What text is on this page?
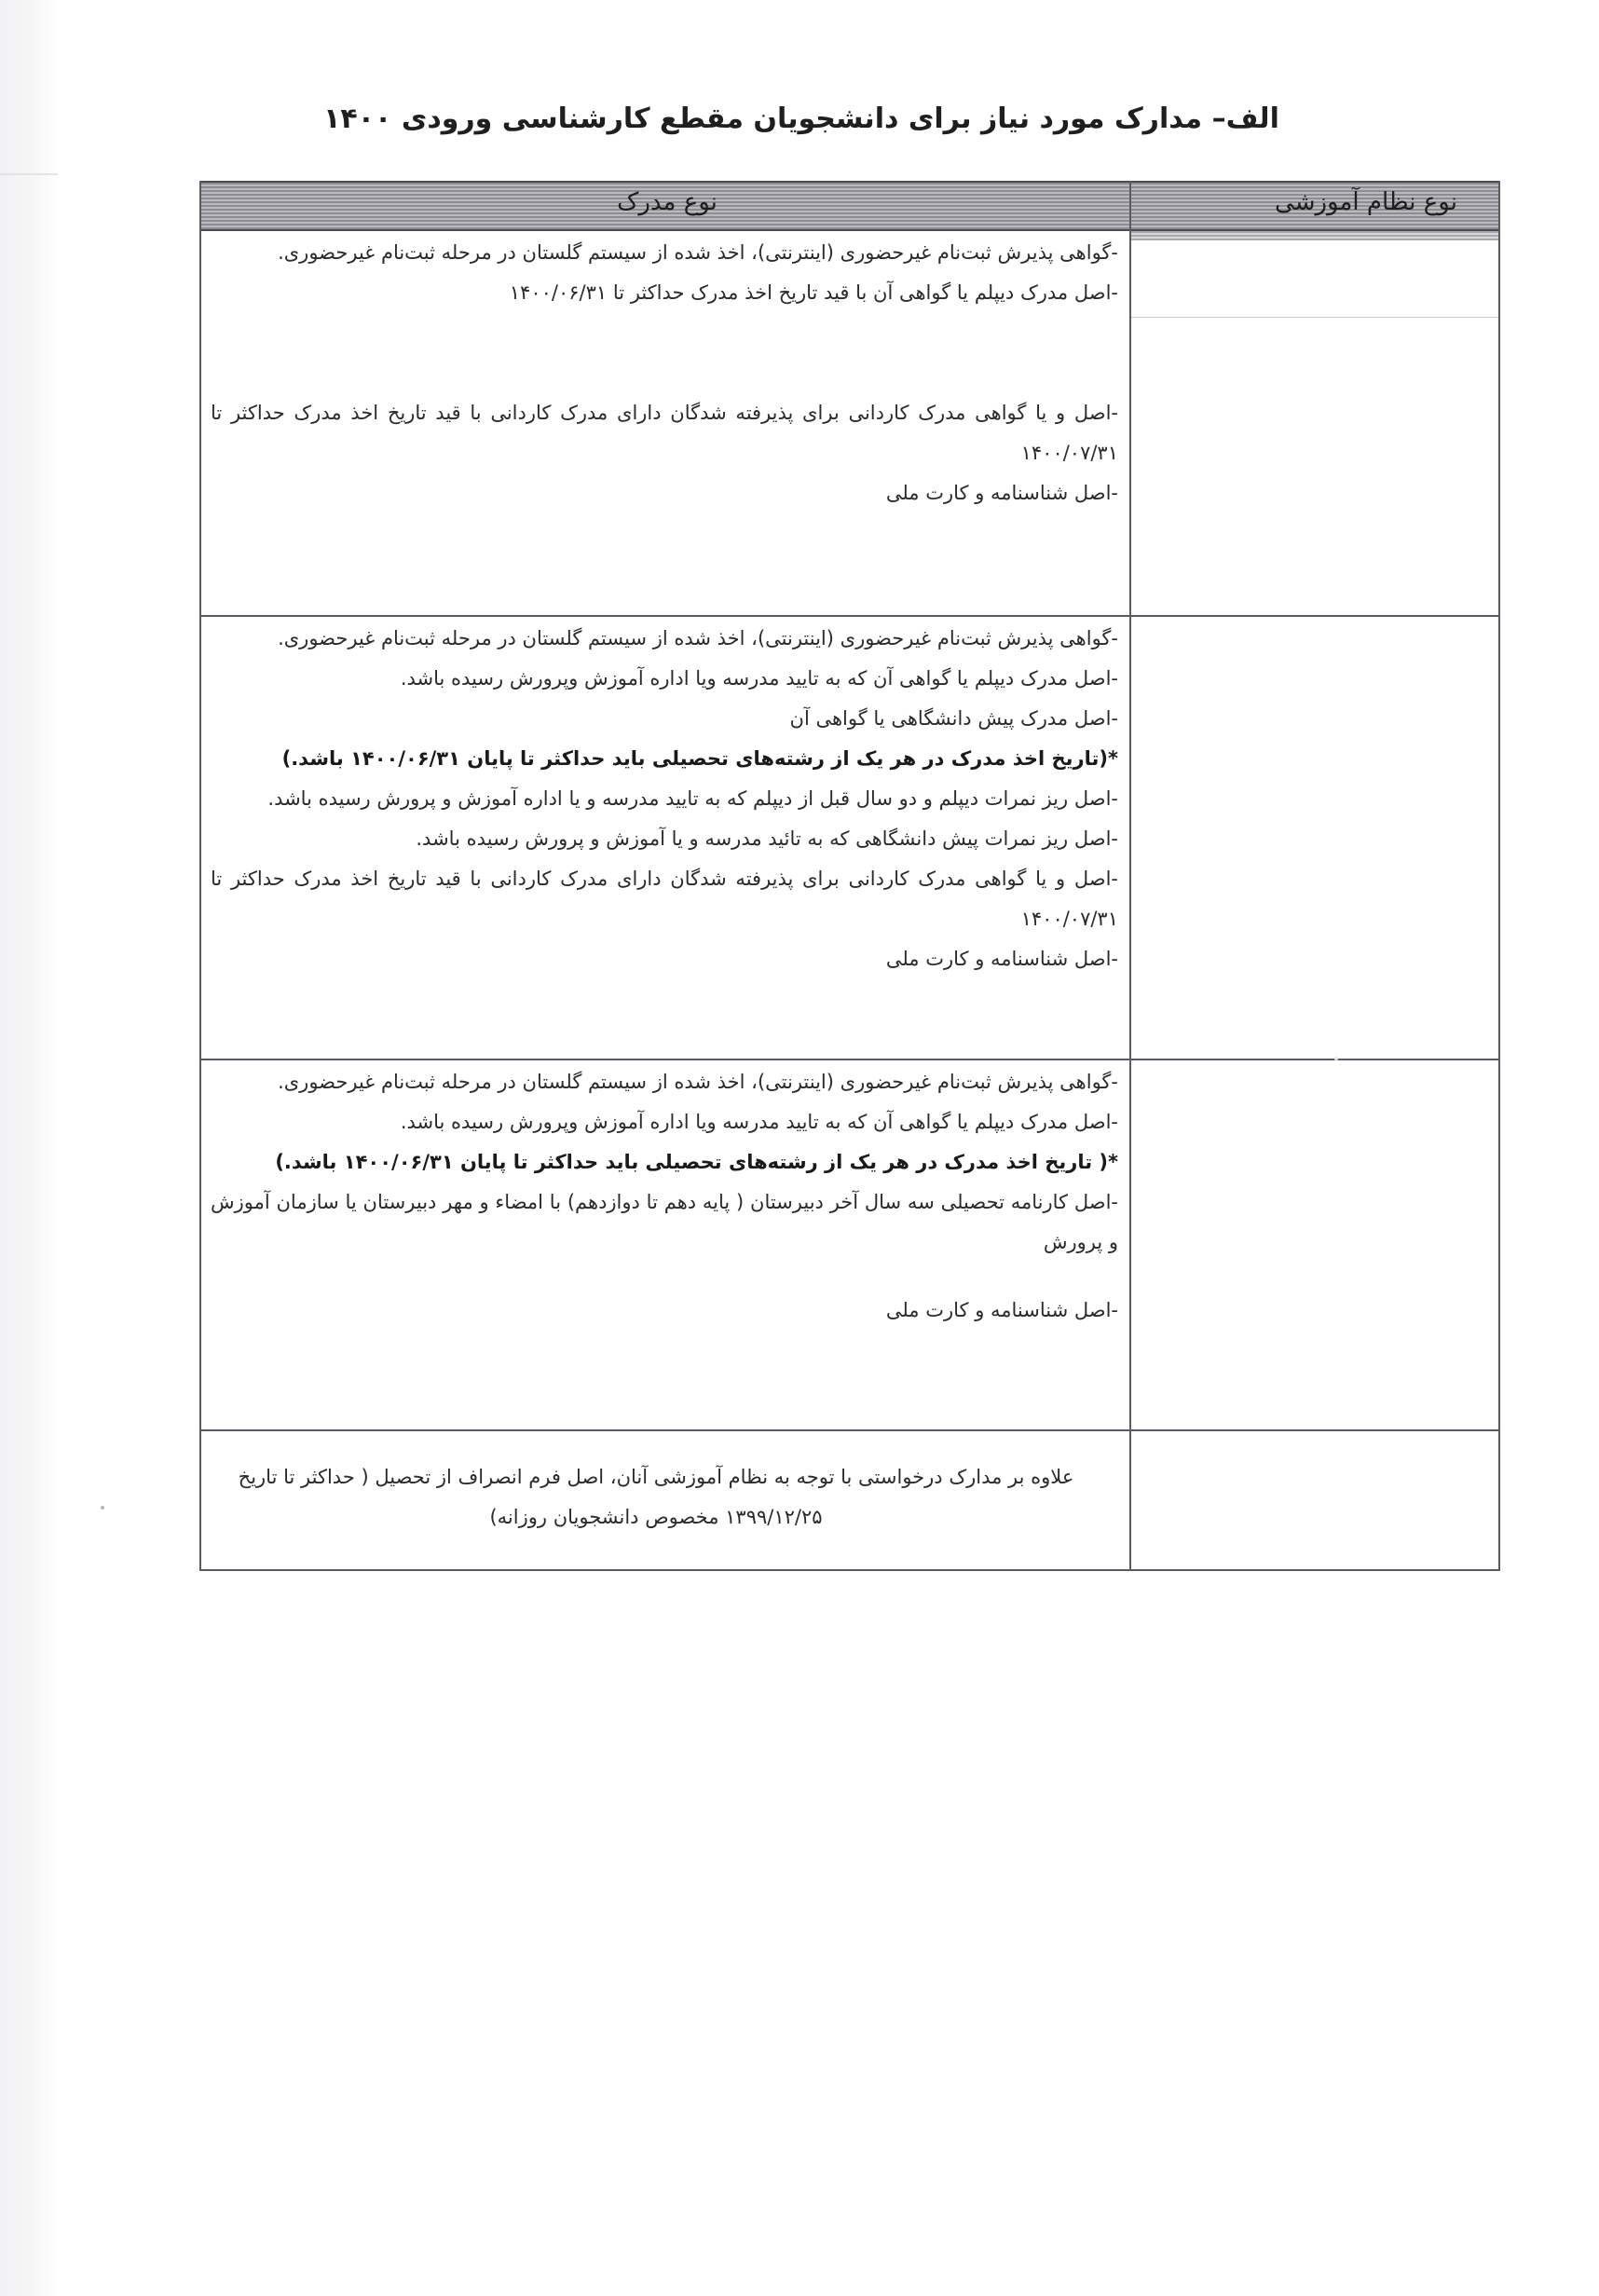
الف– مدارک مورد نیاز برای دانشجویان مقطع کارشناسی ورودی ۱۴۰۰
نوع نظام آموزشی
نوع مدرک

-گواهی پذیرش ثبت‌نام غیرحضوری (اینترنتی)، اخذ شده از سیستم گلستان در مرحله ثبت‌نام غیرحضوری.

-اصل مدرک دیپلم یا گواهی آن با قید تاریخ اخذ مدرک حداکثر تا ۱۴۰۰/۰۶/۳۱

-اصل و یا گواهی مدرک کاردانی برای پذیرفته شدگان دارای مدرک کاردانی با قید تاریخ اخذ مدرک حداکثر تا ۱۴۰۰/۰۷/۳۱

-اصل شناسنامه و کارت ملی

-گواهی پذیرش ثبت‌نام غیرحضوری (اینترنتی)، اخذ شده از سیستم گلستان در مرحله ثبت‌نام غیرحضوری.

-اصل مدرک دیپلم یا گواهی آن که به تایید مدرسه ویا اداره آموزش وپرورش رسیده باشد.

-اصل مدرک پیش دانشگاهی یا گواهی آن

*(تاریخ اخذ مدرک در هر یک از رشته‌های تحصیلی باید حداکثر تا پایان ۱۴۰۰/۰۶/۳۱ باشد.)

-اصل ریز نمرات دیپلم و دو سال قبل از دیپلم که به تایید مدرسه و یا اداره آموزش و پرورش رسیده باشد.

-اصل ریز نمرات پیش دانشگاهی که به تائید مدرسه و یا آموزش و پرورش رسیده باشد.

-اصل و یا گواهی مدرک کاردانی برای پذیرفته شدگان دارای مدرک کاردانی با قید تاریخ اخذ مدرک حداکثر تا ۱۴۰۰/۰۷/۳۱

-اصل شناسنامه و کارت ملی

-گواهی پذیرش ثبت‌نام غیرحضوری (اینترنتی)، اخذ شده از سیستم گلستان در مرحله ثبت‌نام غیرحضوری.

-اصل مدرک دیپلم یا گواهی آن که به تایید مدرسه ویا اداره آموزش وپرورش رسیده باشد.

*( تاریخ اخذ مدرک در هر یک از رشته‌های تحصیلی باید حداکثر تا پایان ۱۴۰۰/۰۶/۳۱ باشد.)

-اصل کارنامه تحصیلی سه سال آخر دبیرستان ( پایه دهم تا دوازدهم) با امضاء و مهر دبیرستان یا سازمان آموزش و پرورش

-اصل شناسنامه و کارت ملی

علاوه بر مدارک درخواستی با توجه به نظام آموزشی آنان، اصل فرم انصراف از تحصیل ( حداکثر تا تاریخ ۱۳۹۹/۱۲/۲۵ مخصوص دانشجویان روزانه)
